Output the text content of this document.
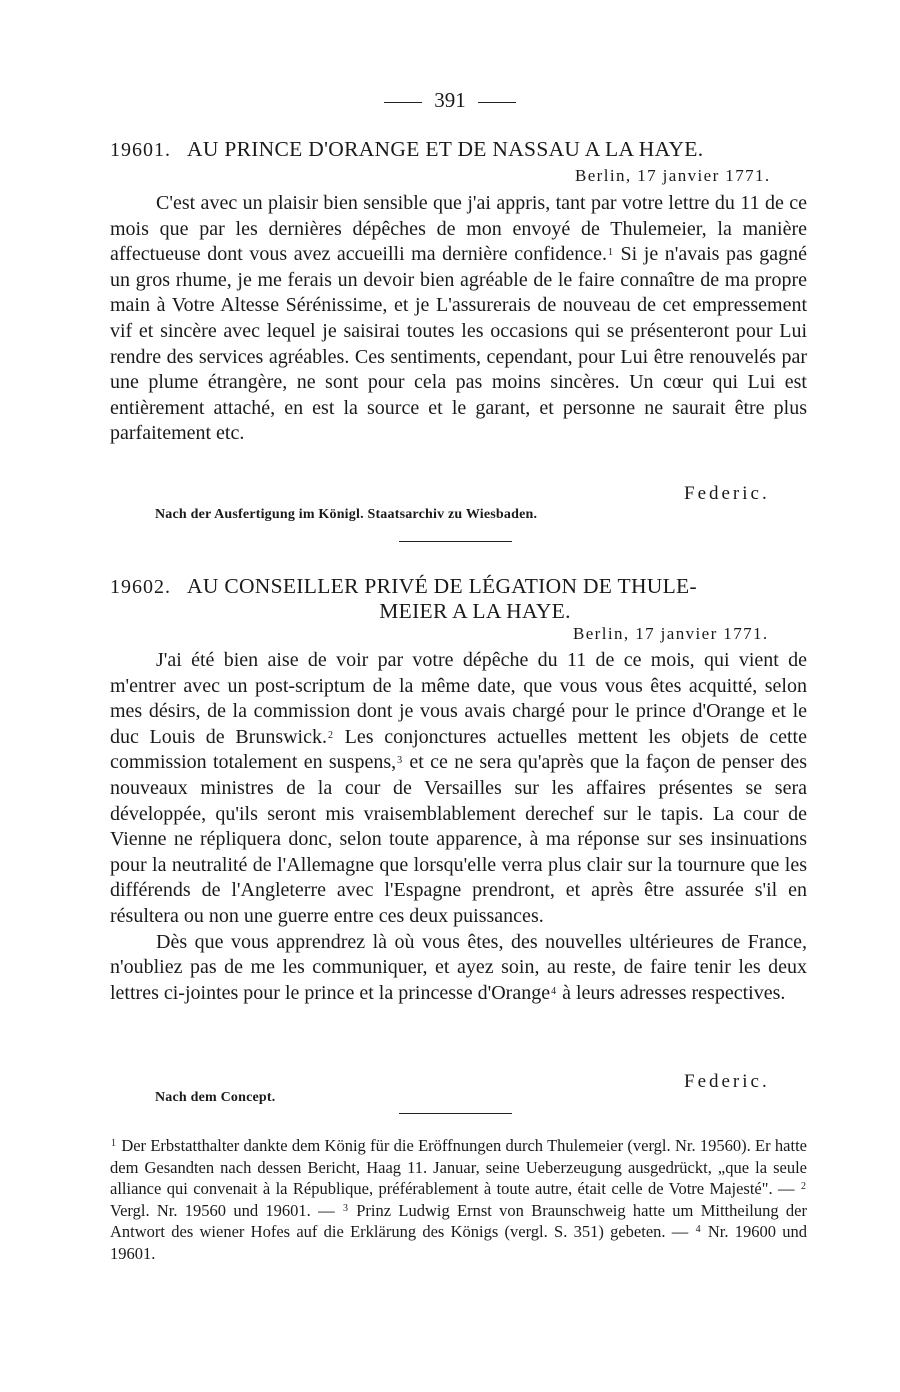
391
19601. AU PRINCE D'ORANGE ET DE NASSAU A LA HAYE.
Berlin, 17 janvier 1771.

C'est avec un plaisir bien sensible que j'ai appris, tant par votre lettre du 11 de ce mois que par les dernières dépêches de mon envoyé de Thulemeier, la manière affectueuse dont vous avez accueilli ma dernière confidence.$^1$ Si je n'avais pas gagné un gros rhume, je me ferais un devoir bien agréable de le faire connaître de ma propre main à Votre Altesse Sérénissime, et je L'assurerais de nouveau de cet empressement vif et sincère avec lequel je saisirai toutes les occasions qui se présenteront pour Lui rendre des services agréables. Ces sentiments, cependant, pour Lui être renouvelés par une plume étrangère, ne sont pour cela pas moins sincères. Un cœur qui Lui est entièrement attaché, en est la source et le garant, et personne ne saurait être plus parfaitement etc.

Federic.
Nach der Ausfertigung im Königl. Staatsarchiv zu Wiesbaden.
19602. AU CONSEILLER PRIVÉ DE LÉGATION DE THULE-
MEIER A LA HAYE.
Berlin, 17 janvier 1771.

J'ai été bien aise de voir par votre dépêche du 11 de ce mois, qui vient de m'entrer avec un post-scriptum de la même date, que vous vous êtes acquitté, selon mes désirs, de la commission dont je vous avais chargé pour le prince d'Orange et le duc Louis de Brunswick.$^2$ Les conjonctures actuelles mettent les objets de cette commission totalement en suspens,$^3$ et ce ne sera qu'après que la façon de penser des nouveaux ministres de la cour de Versailles sur les affaires présentes se sera développée, qu'ils seront mis vraisemblablement derechef sur le tapis. La cour de Vienne ne répliquera donc, selon toute apparence, à ma réponse sur ses insinuations pour la neutralité de l'Allemagne que lorsqu'elle verra plus clair sur la tournure que les différends de l'Angleterre avec l'Espagne prendront, et après être assurée s'il en résultera ou non une guerre entre ces deux puissances.

Dès que vous apprendrez là où vous êtes, des nouvelles ultérieures de France, n'oubliez pas de me les communiquer, et ayez soin, au reste, de faire tenir les deux lettres ci-jointes pour le prince et la princesse d'Orange$^4$ à leurs adresses respectives.

Federic.
Nach dem Concept.

$^1$ Der Erbstatthalter dankte dem König für die Eröffnungen durch Thulemeier (vergl. Nr. 19560). Er hatte dem Gesandten nach dessen Bericht, Haag 11. Januar, seine Ueberzeugung ausgedrückt, „que la seule alliance qui convenait à la République, préférablement à toute autre, était celle de Votre Majesté". — $^2$ Vergl. Nr. 19560 und 19601. — $^3$ Prinz Ludwig Ernst von Braunschweig hatte um Mittheilung der Antwort des wiener Hofes auf die Erklärung des Königs (vergl. S. 351) gebeten. — $^4$ Nr. 19600 und 19601.
